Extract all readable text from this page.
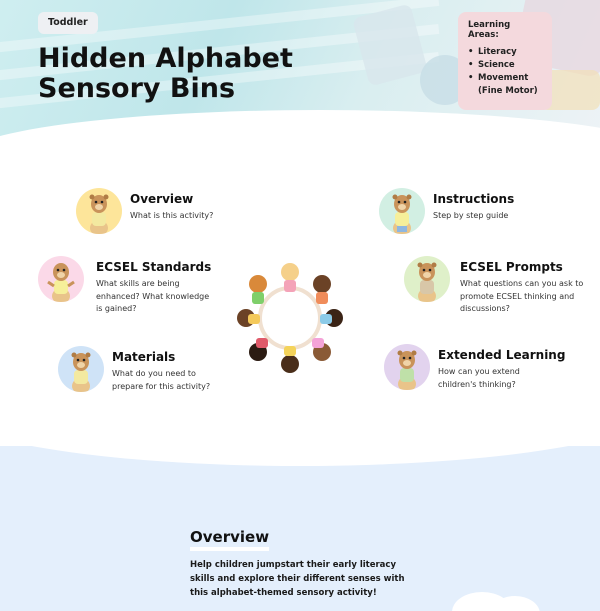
Toddler
Hidden Alphabet Sensory Bins
Learning Areas:
• Literacy
• Science
• Movement
(Fine Motor)
Overview
What is this activity?
Instructions
Step by step guide
ECSEL Standards
What skills are being enhanced? What knowledge is gained?
ECSEL Prompts
What questions can you ask to promote ECSEL thinking and discussions?
Materials
What do you need to prepare for this activity?
Extended Learning
How can you extend children's thinking?
Overview
Help children jumpstart their early literacy skills and explore their different senses with this alphabet-themed sensory activity!
